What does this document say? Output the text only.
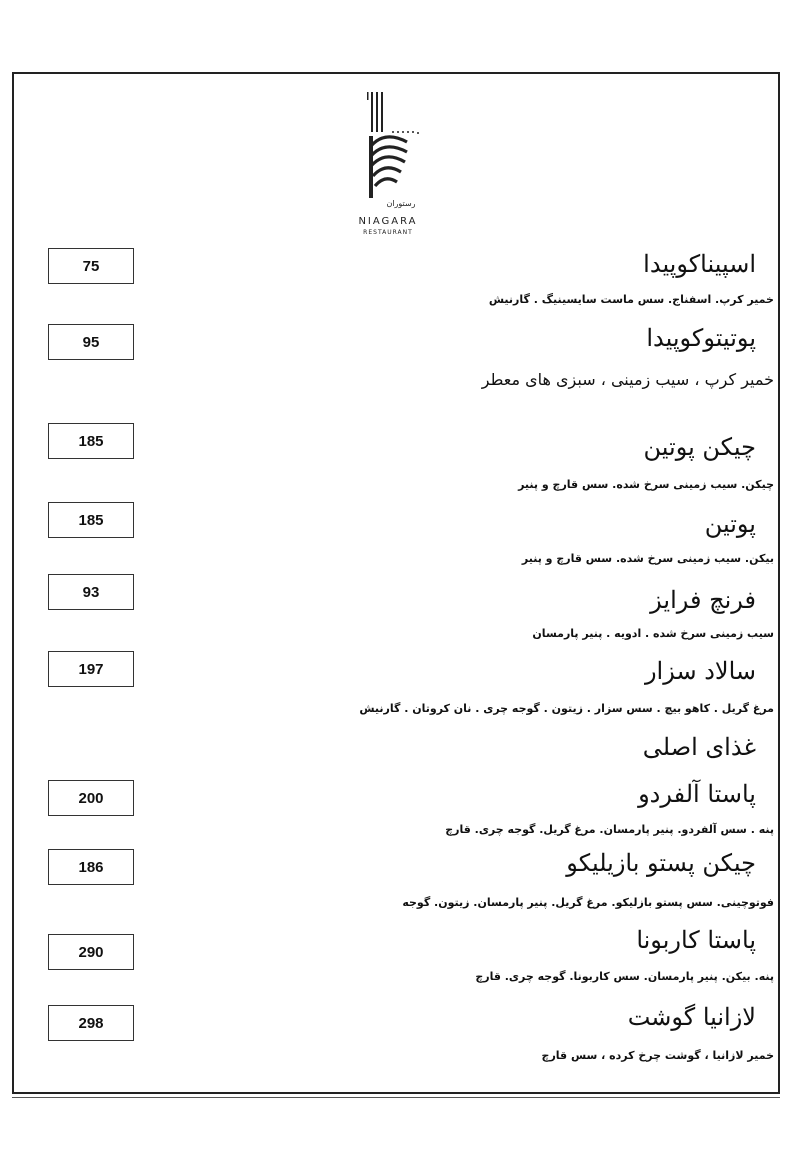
رستوران
NIAGARA
RESTAURANT
75	اسپیناکوپیدا
خمیر کرپ. اسفناج. سس ماست سایسینیگ . گارنیش
95	پوتیتوکوپیدا
خمیر کرپ ، سیب زمینی ، سبزی های معطر
185	چیکن پوتین
چیکن. سیب زمینی سرخ شده. سس قارچ و پنیر
185	پوتین
بیکن. سیب زمینی سرخ شده. سس قارچ و پنیر
93	فرنچ فرایز
سیب زمینی سرخ شده . ادویه . پنیر پارمسان
197	سالاد سزار
مرغ گریل . کاهو بیچ . سس سزار . زیتون . گوجه چری . نان کروتان . گارنیش
غذای اصلی
200	پاستا آلفردو
پنه . سس آلفردو. پنیر پارمسان. مرغ گریل. گوجه چری. قارچ
186	چیکن پستو بازیلیکو
فوتوچینی. سس پستو بازلیکو. مرغ گریل. پنیر پارمسان. زیتون. گوجه
290	پاستا کاربونا
پنه. بیکن. پنیر پارمسان. سس کاربونا. گوجه چری. قارچ
298	لازانیا گوشت
خمیر لازانیا ، گوشت چرخ کرده ، سس قارچ
